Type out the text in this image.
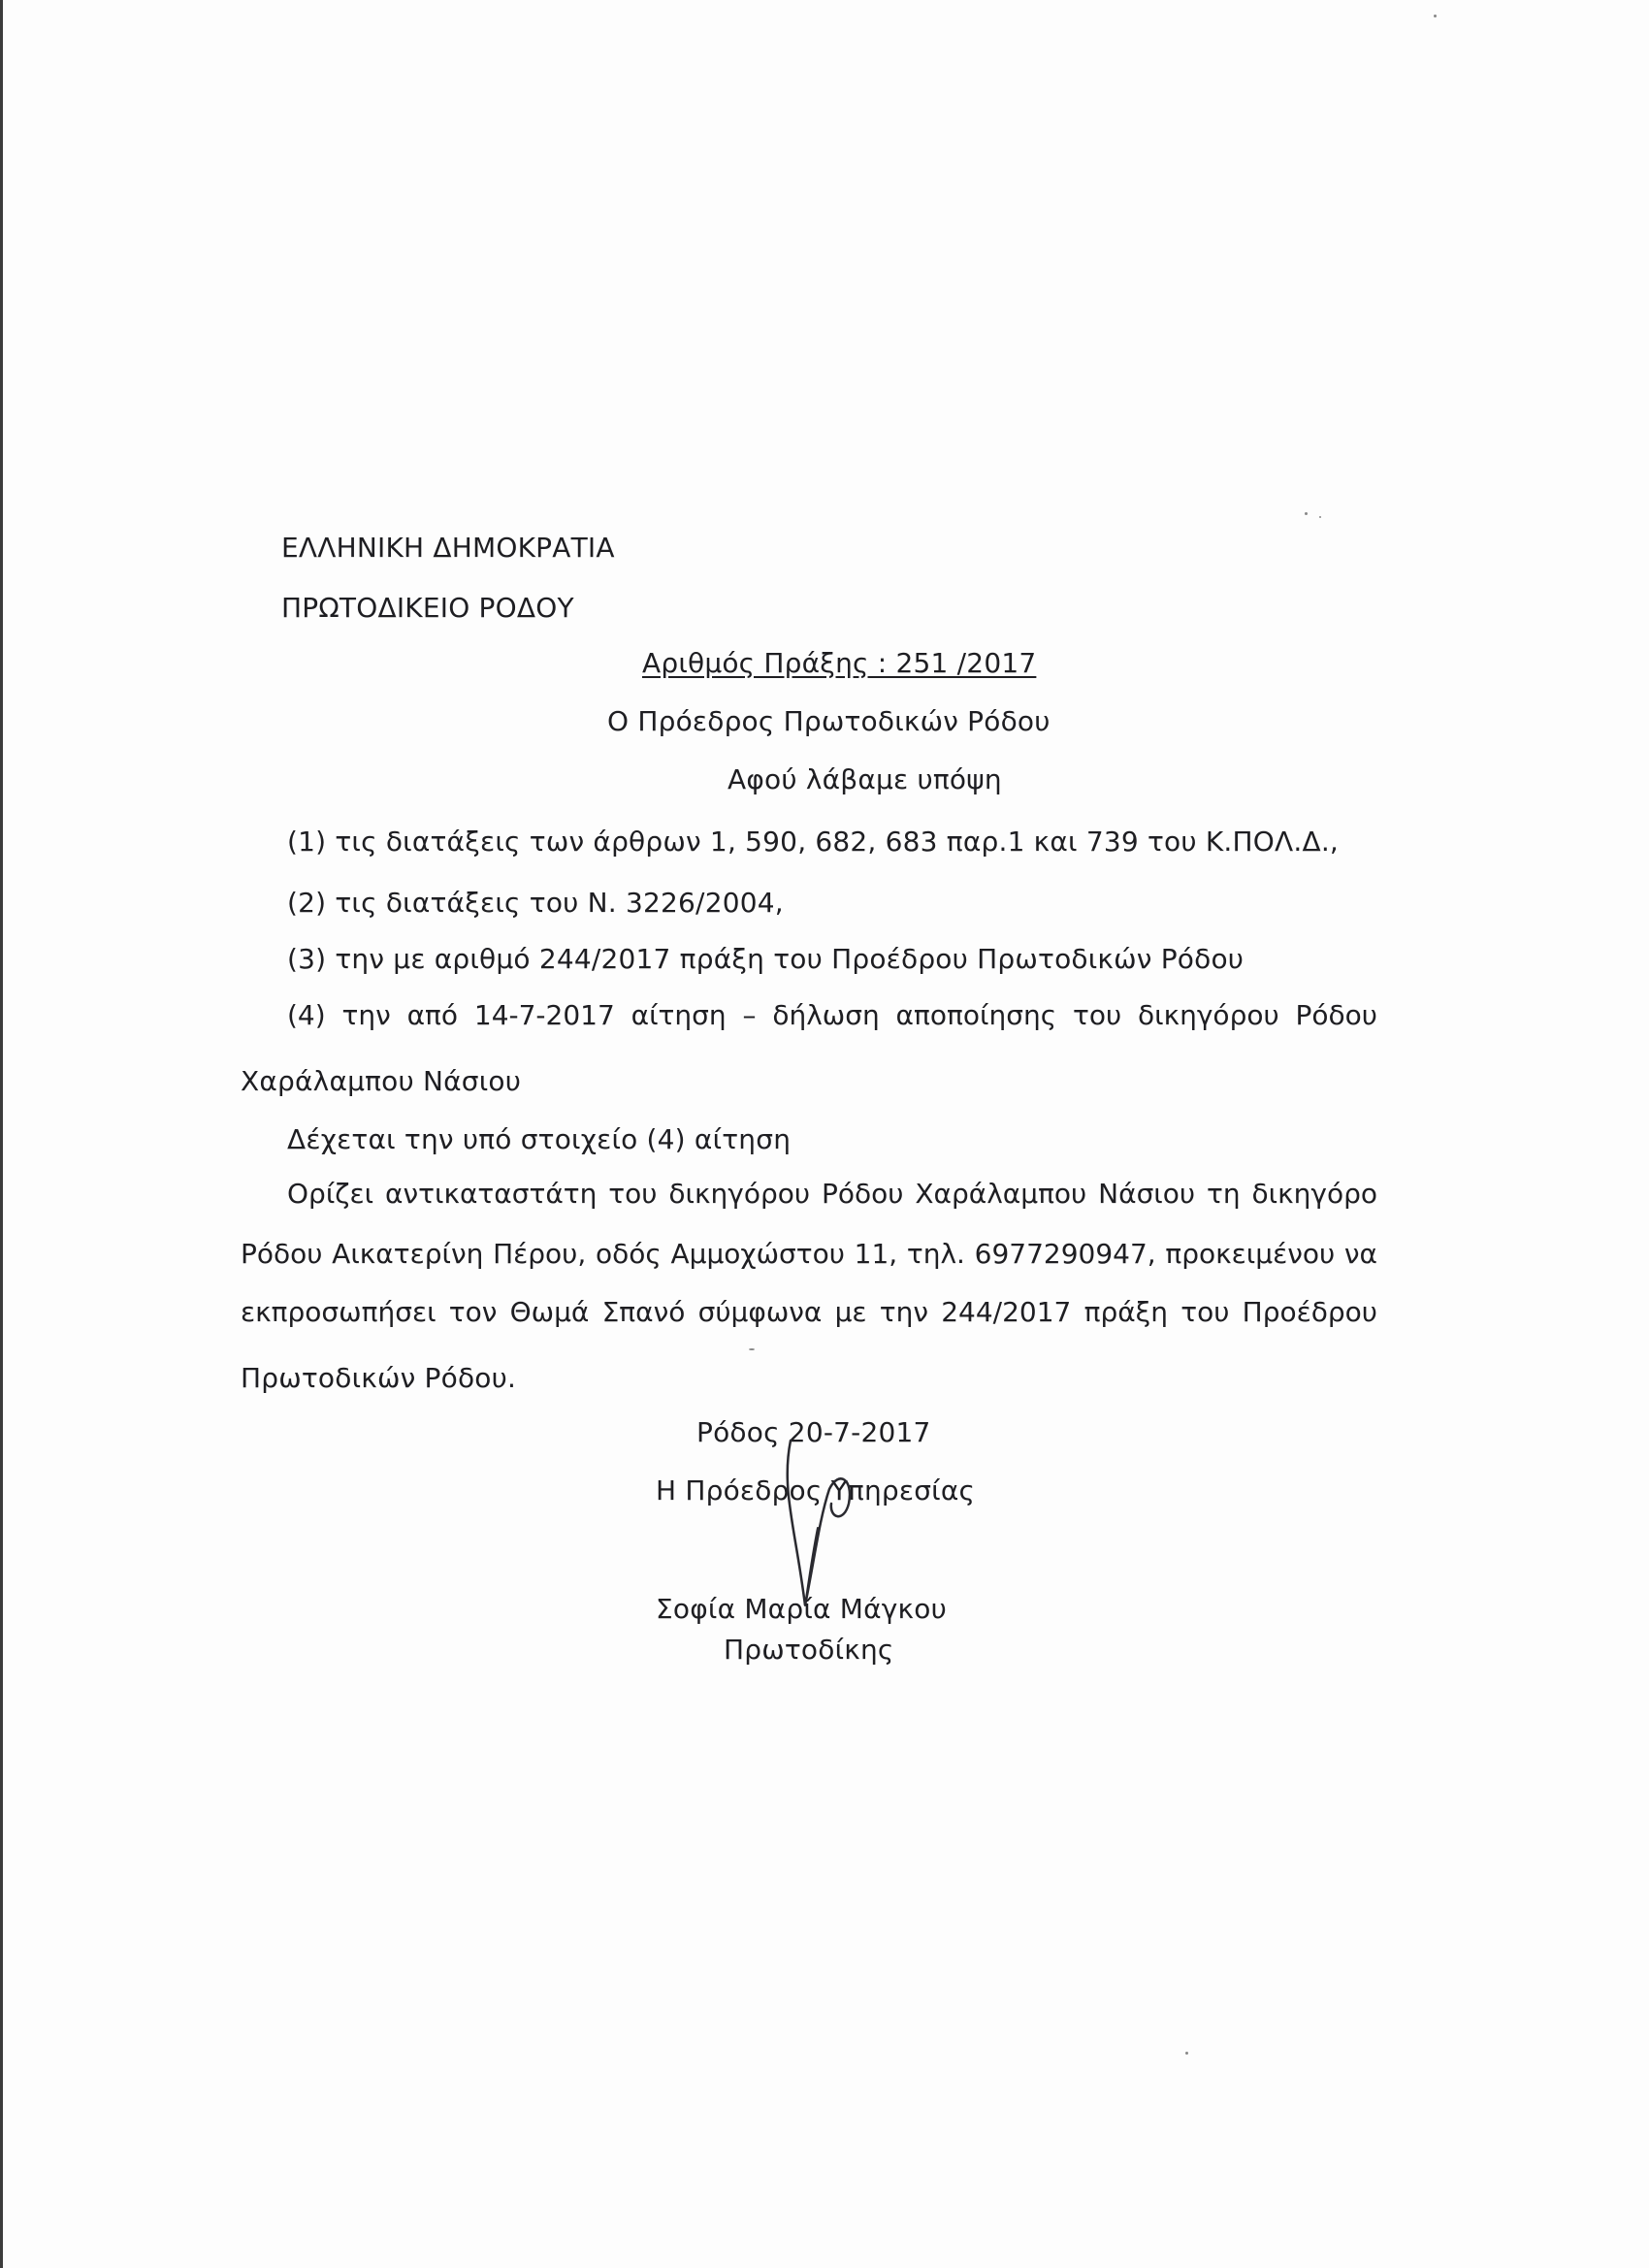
ΕΛΛΗΝΙΚΗ ΔΗΜΟΚΡΑΤΙΑ
ΠΡΩΤΟΔΙΚΕΙΟ ΡΟΔΟΥ
Αριθμός Πράξης : 251 /2017
Ο Πρόεδρος Πρωτοδικών Ρόδου
Αφού λάβαμε υπόψη
(1) τις διατάξεις των άρθρων 1, 590, 682, 683 παρ.1 και 739 του Κ.ΠΟΛ.Δ.,
(2) τις διατάξεις του Ν. 3226/2004,
(3) την με αριθμό 244/2017 πράξη του Προέδρου Πρωτοδικών Ρόδου
(4) την από 14-7-2017 αίτηση – δήλωση αποποίησης του δικηγόρου Ρόδου
Χαράλαμπου Νάσιου
Δέχεται την υπό στοιχείο (4) αίτηση
Ορίζει αντικαταστάτη του δικηγόρου Ρόδου Χαράλαμπου Νάσιου τη δικηγόρο
Ρόδου Αικατερίνη Πέρου, οδός Αμμοχώστου 11, τηλ. 6977290947, προκειμένου να
εκπροσωπήσει τον Θωμά Σπανό σύμφωνα με την 244/2017 πράξη του Προέδρου
Πρωτοδικών Ρόδου.
Ρόδος 20-7-2017
Η Πρόεδρος Υπηρεσίας
Σοφία Μαρία Μάγκου
Πρωτοδίκης
